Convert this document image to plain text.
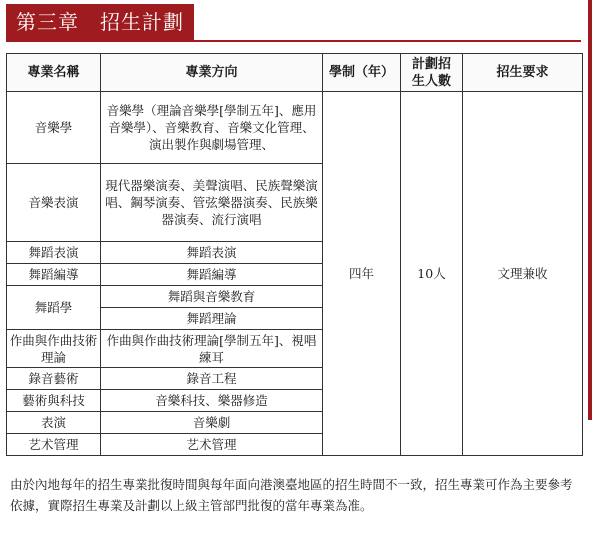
第三章　招生計劃
專業名稱	專業方向	學制（年）	計劃招生人數	招生要求
音樂學	音樂學（理論音樂學[學制五年]、應用音樂學）、音樂教育、音樂文化管理、演出製作與劇場管理、	四年	10人	文理兼收
音樂表演	現代器樂演奏、美聲演唱、民族聲樂演唱、鋼琴演奏、管弦樂器演奏、民族樂器演奏、流行演唱			
舞蹈表演	舞蹈表演			
舞蹈編導	舞蹈編導			
舞蹈學	舞蹈與音樂教育			
	舞蹈理論			
作曲與作曲技術理論	作曲與作曲技術理論[學制五年]、視唱練耳			
錄音藝術	錄音工程			
藝術與科技	音樂科技、樂器修造			
表演	音樂劇			
艺术管理	艺术管理			
由於內地每年的招生專業批復時間與每年面向港澳臺地區的招生時間不一致，招生專業可作為主要參考依據，實際招生專業及計劃以上級主管部門批復的當年專業為准。
